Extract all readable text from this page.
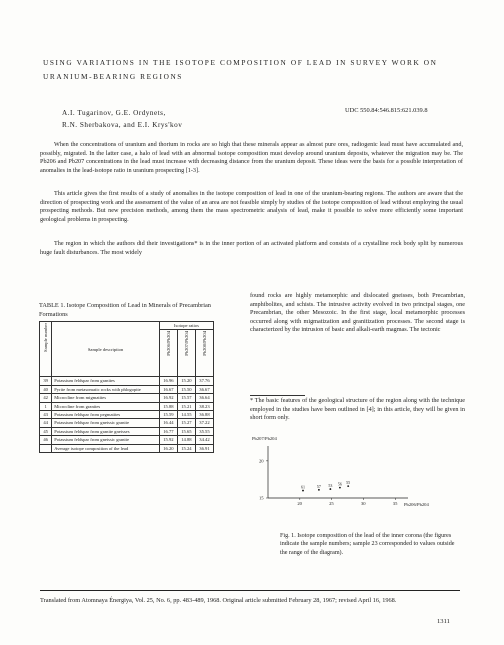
USING VARIATIONS IN THE ISOTOPE COMPOSITION OF LEAD IN SURVEY WORK ON URANIUM-BEARING REGIONS
A.I. Tugarinov, G.E. Ordynets,
R.N. Sherbakova, and E.I. Krys'kov
UDC 550.84:546.815:621.039.8

When the concentrations of uranium and thorium in rocks are so high that these minerals appear as almost pure ores, radiogenic lead must have accumulated and, possibly, migrated. In the latter case, a halo of lead with an abnormal isotope composition must develop around uranium deposits, whatever the migration may be. The Pb206 and Pb207 concentrations in the lead must increase with decreasing distance from the uranium deposit. These ideas were the basis for a possible interpretation of anomalies in the lead-isotope ratio in uranium prospecting [1-3].

This article gives the first results of a study of anomalies in the isotope composition of lead in one of the uranium-bearing regions. The authors are aware that the direction of prospecting work and the assessment of the value of an area are not feasible simply by studies of the isotope composition of lead without employing the usual prospecting methods. But new precision methods, among them the mass spectrometric analysis of lead, make it possible to solve more efficiently some important geological problems in prospecting.

The region in which the authors did their investigations* is in the inner portion of an activated platform and consists of a crystalline rock body split by numerous huge fault disturbances. The most widely

TABLE 1. Isotope Composition of Lead in Minerals of Precambrian Formations
Sample number	Sample description	Isotope ratios		
		Pb206/Pb204	Pb207/Pb204	Pb208/Pb204
39	Potassium feldspar from granites	16.96	15.20	37.76
40	Pyrite from metasomatic rocks with phlogopite	16.67	15.50	36.67
42	Microcline from migmatites	16.92	15.57	36.64
1	Microcline from granites	15.88	15.21	38.23
43	Potassium feldspar from pegmatites	15.59	14.55	36.88
44	Potassium feldspar from gneissic granite	16.44	15.27	37.22
45	Potassium feldspar from granite gneisses	16.77	15.65	35.55
46	Potassium feldspar from gneissic granite	15.92	14.88	34.42
	Average isotope composition of the lead	16.20	15.24	36.91

found rocks are highly metamorphic and dislocated gneisses, both Precambrian, amphibolites, and schists. The intrusive activity evolved in two principal stages, one Precambrian, the other Mesozoic. In the first stage, local metamorphic processes occurred along with migmatization and granitization processes. The second stage is characterized by the intrusion of basic and alkali-earth magmas. The tectonic

* The basic features of the geological structure of the region along with the technique employed in the studies have been outlined in [4]; in this article, they will be given in short form only.

Pb207/Pb204
Pb206/Pb204
20	25	30	35
15
20
61	57 53 56 55

Fig. 1. Isotope composition of the lead of the inner corona (the figures indicate the sample numbers; sample 23 corresponded to values outside the range of the diagram).

Translated from Atomnaya Énergiya, Vol. 25, No. 6, pp. 483-489, 1968. Original article submitted February 28, 1967; revised April 16, 1968.

1311
